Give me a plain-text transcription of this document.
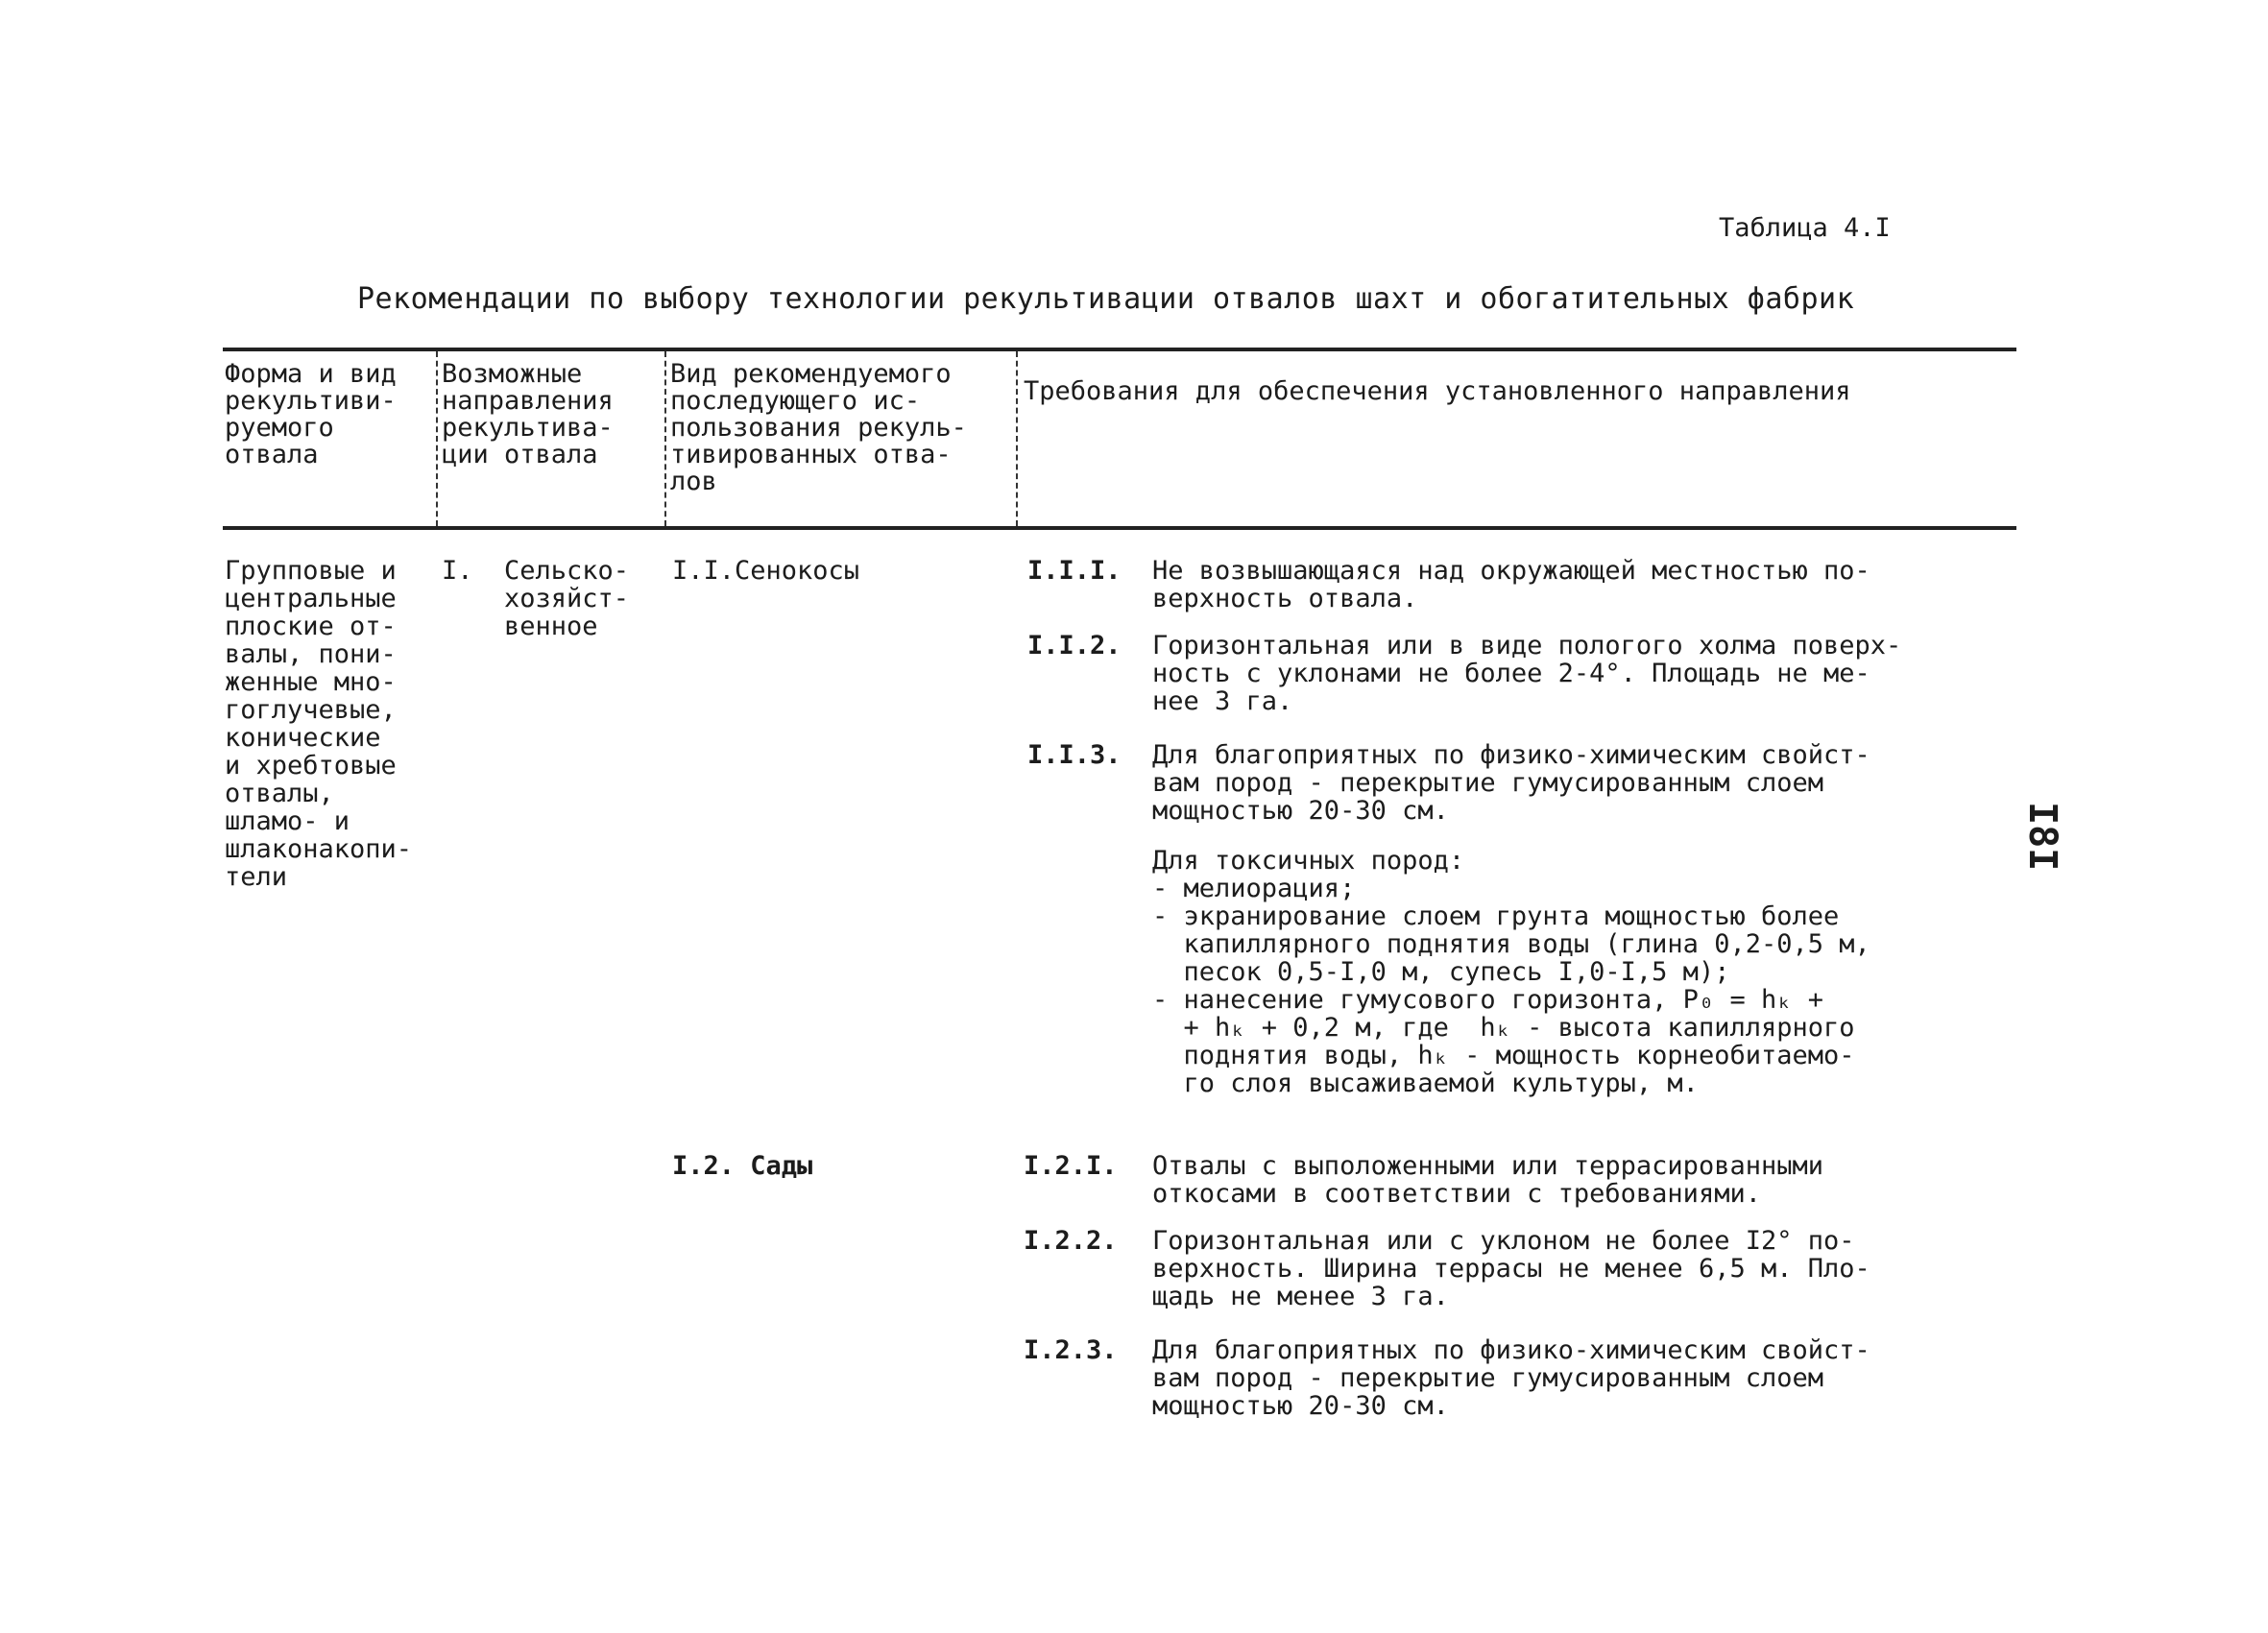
Таблица 4.I
Рекомендации по выбору технологии рекультивации отвалов шахт и обогатительных фабрик
Форма и вид
рекультиви-
руемого
отвала
Возможные
направления
рекультива-
ции отвала
Вид рекомендуемого
последующего ис-
пользования рекуль-
тивированных отва-
лов
Требования для обеспечения установленного направления
Групповые и
центральные
плоские от-
валы, пони-
женные мно-
гоглучевые,
конические
и хребтовые
отвалы,
шламо- и
шлаконакопи-
тели
I.  Сельско-
хозяйст-
венное
I.I.Сенокосы	I.I.I. Не возвышающаяся над окружающей местностью по-
верхность отвала.
I.I.2. Горизонтальная или в виде пологого холма поверх-
ность с уклонами не более 2-4°. Площадь не ме-
нее 3 га.
I.I.3. Для благоприятных по физико-химическим свойст-
вам пород - перекрытие гумусированным слоем
мощностью 20-30 см.
Для токсичных пород:
- мелиорация;
- экранирование слоем грунта мощностью более
капиллярного поднятия воды (глина 0,2-0,5 м,
песок 0,5-I,0 м, супесь I,0-I,5 м);
- нанесение гумусового горизонта, Р₀ = hₖ +
+ hₖ + 0,2 м, где  hₖ - высота капиллярного
поднятия воды, hₖ - мощность корнеобитаемо-
го слоя высаживаемой культуры, м.
I.2. Сады	I.2.I. Отвалы с выположенными или террасированными
откосами в соответствии с требованиями.
I.2.2. Горизонтальная или с уклоном не более I2° по-
верхность. Ширина террасы не менее 6,5 м. Пло-
щадь не менее 3 га.
I.2.3. Для благоприятных по физико-химическим свойст-
вам пород - перекрытие гумусированным слоем
мощностью 20-30 см.
I8I
